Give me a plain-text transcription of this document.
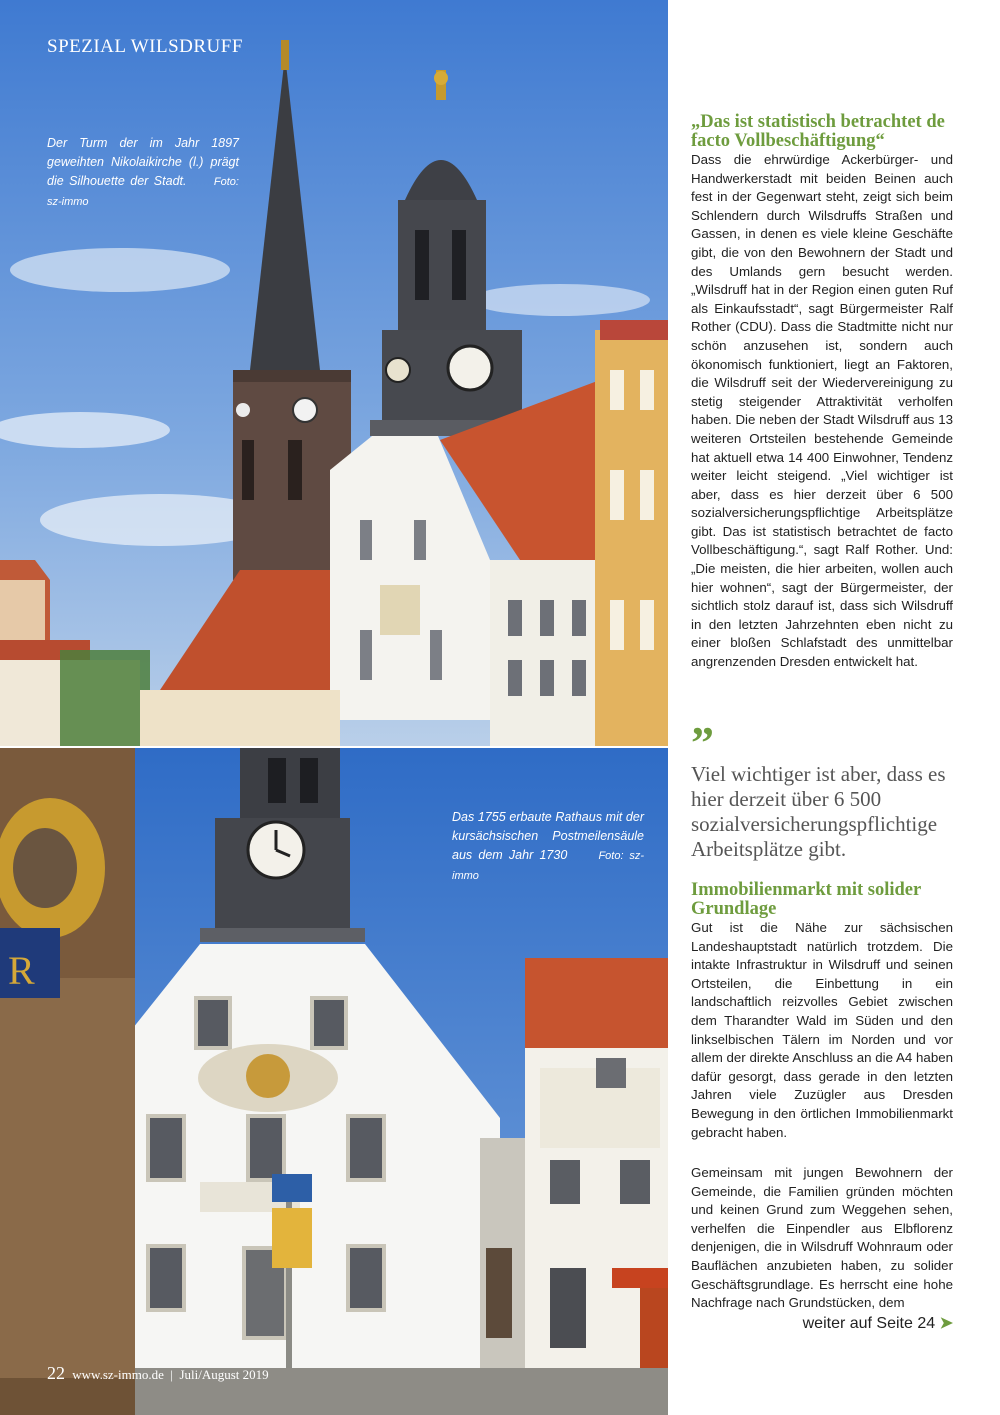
R
SPEZIAL WILSDRUFF
Der Turm der im Jahr 1897 geweihten Nikolaikirche (l.) prägt die Silhouette der Stadt. Foto: sz-immo
Das 1755 erbaute Rathaus mit der kursächsischen Postmeilensäule aus dem Jahr 1730	Foto: sz-immo
22 www.sz-immo.de | Juli/August 2019
„Das ist statistisch betrachtet de facto Vollbeschäftigung“

Dass die ehrwürdige Ackerbürger- und Handwerkerstadt mit beiden Beinen auch fest in der Gegenwart steht, zeigt sich beim Schlendern durch Wilsdruffs Straßen und Gassen, in denen es viele kleine Geschäfte gibt, die von den Bewohnern der Stadt und des Umlands gern besucht werden. „Wilsdruff hat in der Region einen guten Ruf als Einkaufsstadt“, sagt Bürgermeister Ralf Rother (CDU). Dass die Stadtmitte nicht nur schön anzusehen ist, sondern auch ökonomisch funktioniert, liegt an Faktoren, die Wilsdruff seit der Wiedervereinigung zu stetig steigender Attraktivität verholfen haben. Die neben der Stadt Wilsdruff aus 13 weiteren Ortsteilen bestehende Gemeinde hat aktuell etwa 14 400 Einwohner, Tendenz weiter leicht steigend. „Viel wichtiger ist aber, dass es hier derzeit über 6 500 sozialversicherungspflichtige Arbeitsplätze gibt. Das ist statistisch betrachtet de facto Vollbeschäftigung.“, sagt Ralf Rother. Und: „Die meisten, die hier arbeiten, wollen auch hier wohnen“, sagt der Bürgermeister, der sichtlich stolz darauf ist, dass sich Wilsdruff in den letzten Jahrzehnten eben nicht zu einer bloßen Schlafstadt des unmittelbar angrenzenden Dresden entwickelt hat.

”

Viel wichtiger ist aber, dass es hier derzeit über 6 500 sozialversicherungspflichtige Arbeitsplätze gibt.

Immobilienmarkt mit solider Grundlage

Gut ist die Nähe zur sächsischen Landeshauptstadt natürlich trotzdem. Die intakte Infrastruktur in Wilsdruff und seinen Ortsteilen, die Einbettung in ein landschaftlich reizvolles Gebiet zwischen dem Tharandter Wald im Süden und den linkselbischen Tälern im Norden und vor allem der direkte Anschluss an die A4 haben dafür gesorgt, dass gerade in den letzten Jahren viele Zuzügler aus Dresden Bewegung in den örtlichen Immobilienmarkt gebracht haben.

Gemeinsam mit jungen Bewohnern der Gemeinde, die Familien gründen möchten und keinen Grund zum Weggehen sehen, verhelfen die Einpendler aus Elbflorenz denjenigen, die in Wilsdruff Wohnraum oder Bauflächen anzubieten haben, zu solider Geschäftsgrundlage. Es herrscht eine hohe Nachfrage nach Grundstücken, dem

weiter auf Seite 24 ➤
